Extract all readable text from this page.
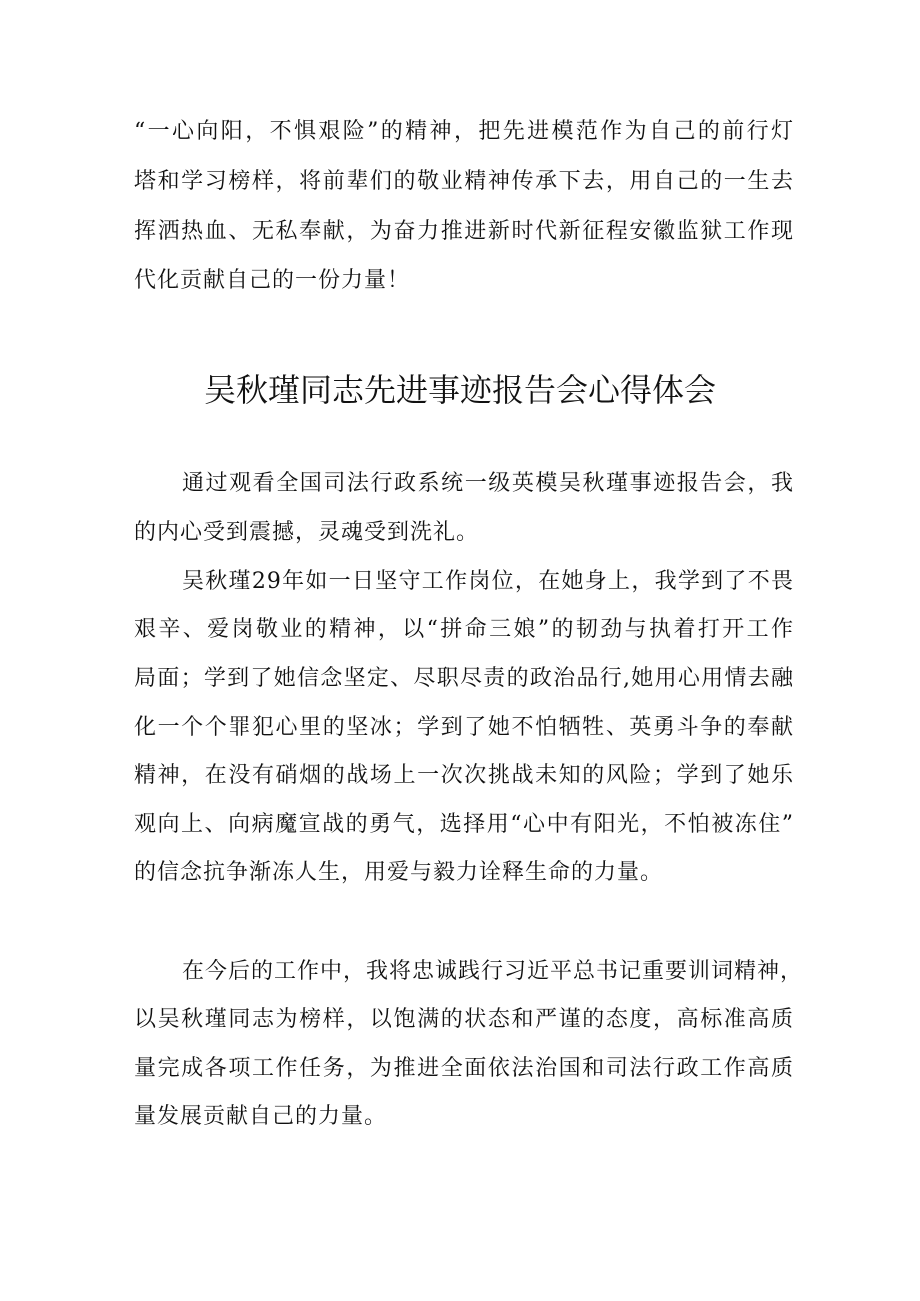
“一心向阳，不惧艰险”的精神，把先进模范作为自己的前行灯
塔和学习榜样，将前辈们的敬业精神传承下去，用自己的一生去
挥洒热血、无私奉献，为奋力推进新时代新征程安徽监狱工作现
代化贡献自己的一份力量！
吴秋瑾同志先进事迹报告会心得体会
通过观看全国司法行政系统一级英模吴秋瑾事迹报告会，我
的内心受到震撼，灵魂受到洗礼。
吴秋瑾29年如一日坚守工作岗位，在她身上，我学到了不畏
艰辛、爱岗敬业的精神，以“拼命三娘”的韧劲与执着打开工作
局面；学到了她信念坚定、尽职尽责的政治品行,她用心用情去融
化一个个罪犯心里的坚冰；学到了她不怕牺牲、英勇斗争的奉献
精神，在没有硝烟的战场上一次次挑战未知的风险；学到了她乐
观向上、向病魔宣战的勇气，选择用“心中有阳光，不怕被冻住”
的信念抗争渐冻人生，用爱与毅力诠释生命的力量。
在今后的工作中，我将忠诚践行习近平总书记重要训词精神，
以吴秋瑾同志为榜样，以饱满的状态和严谨的态度，高标准高质
量完成各项工作任务，为推进全面依法治国和司法行政工作高质
量发展贡献自己的力量。
